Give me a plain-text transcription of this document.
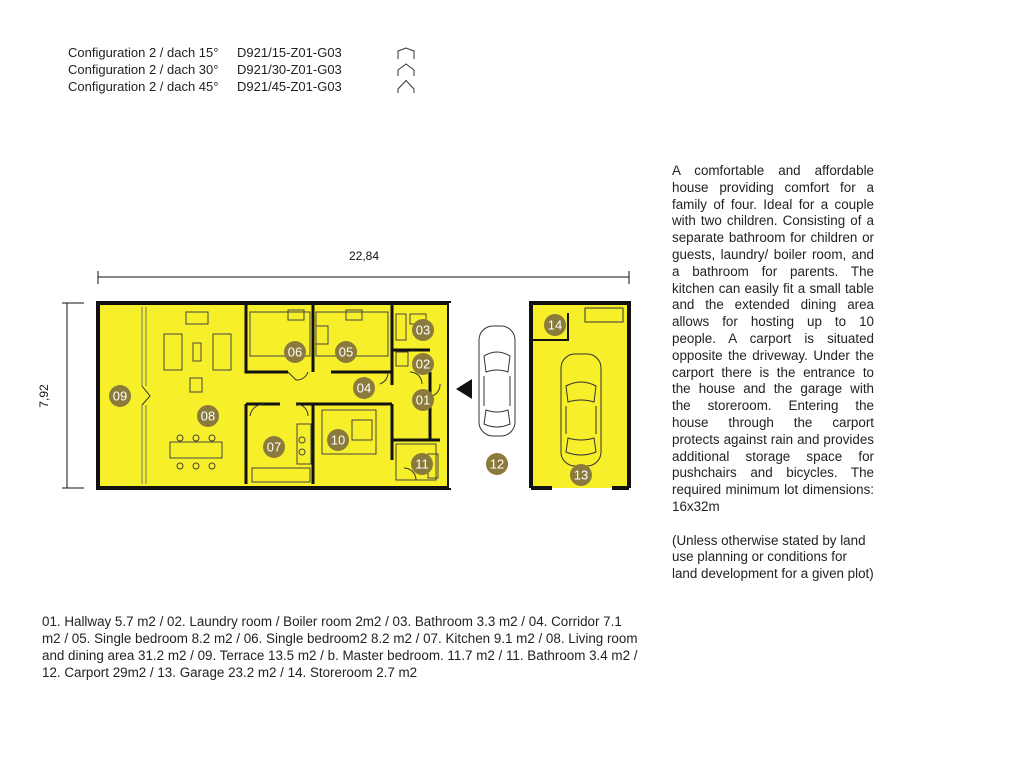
Configuration 2 / dach 15° D921/15-Z01-G03
Configuration 2 / dach 30° D921/30-Z01-G03
Configuration 2 / dach 45° D921/45-Z01-G03
22,84
7,92	01
02
03
04
05
06
07
08
09
10
11	12
13
14

A comfortable and affordable house providing comfort for a family of four. Ideal for a couple with two children. Consisting of a separate bathroom for children or guests, laundry/ boiler room, and a bathroom for parents. The kitchen can easily fit a small table and the extended dining area allows for hosting up to 10 people. A carport is situated opposite the driveway. Under the carport there is the entrance to the house and the garage with the storeroom. Entering the house through the carport protects against rain and provides additional storage space for pushchairs and bicycles. The required minimum lot dimensions: 16x32m

(Unless otherwise stated by land use planning or conditions for land development for a given plot)

01. Hallway 5.7 m2 / 02. Laundry room / Boiler room 2m2 / 03. Bathroom 3.3 m2 / 04. Corridor 7.1 m2 / 05. Single bedroom 8.2 m2 / 06. Single bedroom2 8.2 m2 / 07. Kitchen 9.1 m2 / 08. Living room and dining area 31.2 m2 / 09. Terrace 13.5 m2 / b. Master bedroom. 11.7 m2 / 11. Bathroom 3.4 m2 / 12. Carport 29m2 / 13. Garage 23.2 m2 / 14. Storeroom 2.7 m2
